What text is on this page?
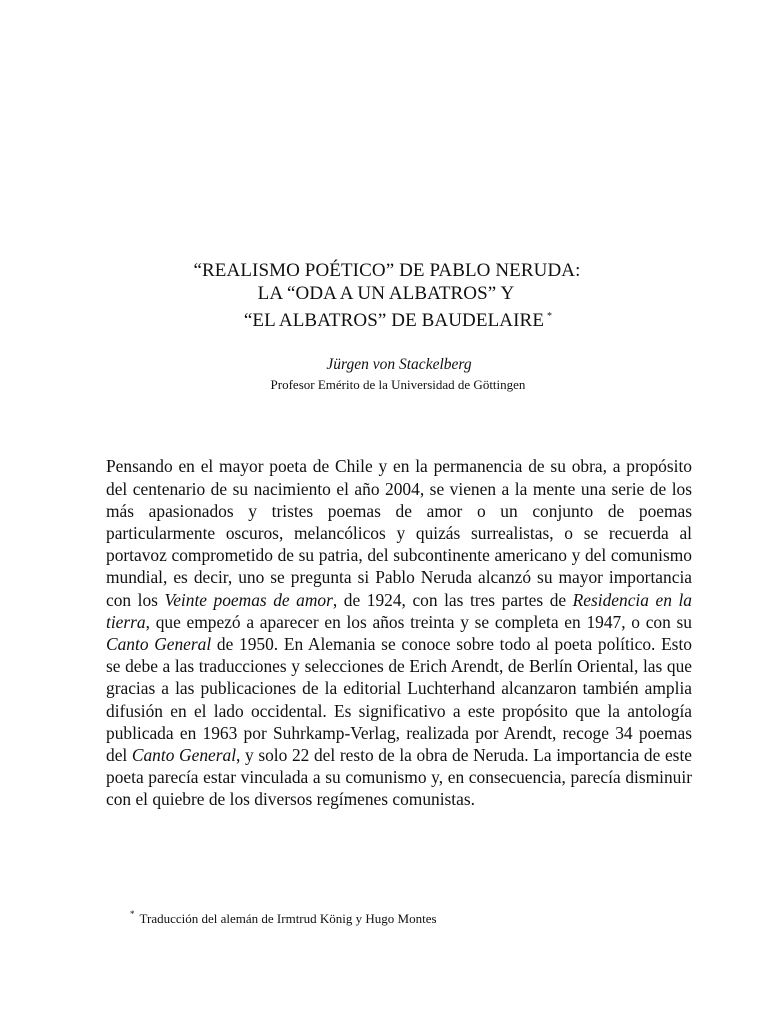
“REALISMO POÉTICO” DE PABLO NERUDA:
LA “ODA A UN ALBATROS” Y
“EL ALBATROS” DE BAUDELAIRE *
Jürgen von Stackelberg
Profesor Emérito de la Universidad de Göttingen

Pensando en el mayor poeta de Chile y en la permanencia de su obra, a propósito del centenario de su nacimiento el año 2004, se vienen a la mente una serie de los más apasionados y tristes poemas de amor o un conjunto de poemas particularmente oscuros, melancólicos y quizás surrealistas, o se recuerda al portavoz comprometido de su patria, del subcontinente americano y del comunismo mundial, es decir, uno se pregunta si Pablo Neruda alcanzó su mayor importancia con los Veinte poemas de amor, de 1924, con las tres partes de Residencia en la tierra, que empezó a aparecer en los años treinta y se completa en 1947, o con su Canto General de 1950. En Alemania se conoce sobre todo al poeta político. Esto se debe a las traducciones y selecciones de Erich Arendt, de Berlín Oriental, las que gracias a las publicaciones de la editorial Luchterhand alcanzaron también amplia difusión en el lado occidental. Es significativo a este propósito que la antología publicada en 1963 por Suhrkamp-Verlag, realizada por Arendt, recoge 34 poemas del Canto General, y solo 22 del resto de la obra de Neruda. La importancia de este poeta parecía estar vinculada a su comunismo y, en consecuencia, parecía disminuir con el quiebre de los diversos regímenes comunistas.

* Traducción del alemán de Irmtrud König y Hugo Montes
